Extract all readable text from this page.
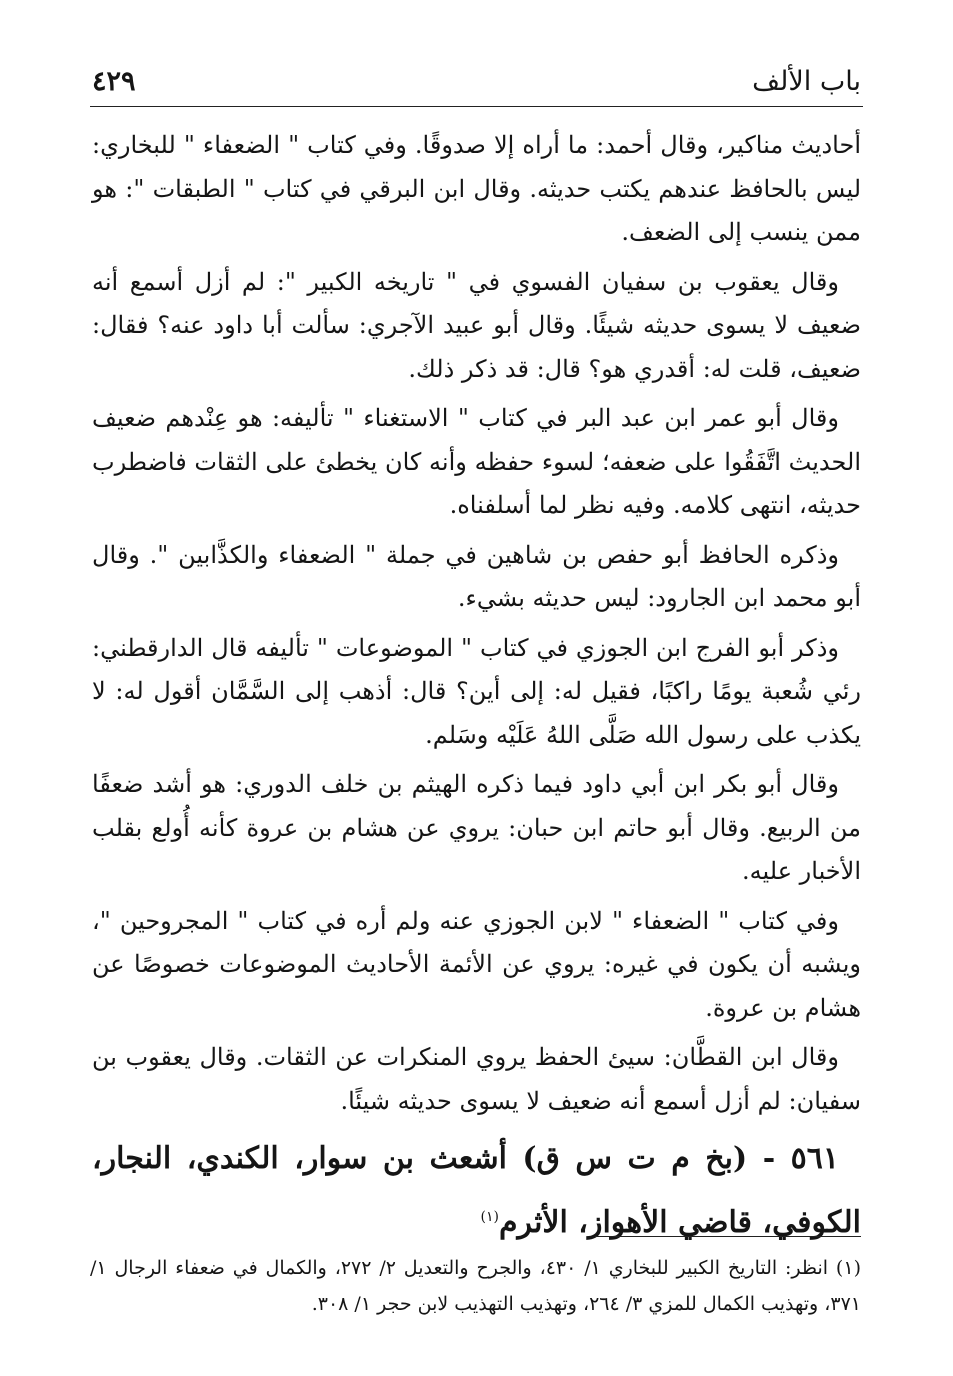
باب الألف
٤٢٩

أحاديث مناكير، وقال أحمد: ما أراه إلا صدوقًا. وفي كتاب " الضعفاء " للبخاري: ليس بالحافظ عندهم يكتب حديثه. وقال ابن البرقي في كتاب " الطبقات ": هو ممن ينسب إلى الضعف.

وقال يعقوب بن سفيان الفسوي في " تاريخه الكبير ": لم أزل أسمع أنه ضعيف لا يسوى حديثه شيئًا. وقال أبو عبيد الآجري: سألت أبا داود عنه؟ فقال: ضعيف، قلت له: أقدري هو؟ قال: قد ذكر ذلك.

وقال أبو عمر ابن عبد البر في كتاب " الاستغناء " تأليفه: هو عِنْدهم ضعيف الحديث اتَّفَقُوا على ضعفه؛ لسوء حفظه وأنه كان يخطئ على الثقات فاضطرب حديثه، انتهى كلامه. وفيه نظر لما أسلفناه.

وذكره الحافظ أبو حفص بن شاهين في جملة " الضعفاء والكذَّابين ". وقال أبو محمد ابن الجارود: ليس حديثه بشيء.

وذكر أبو الفرج ابن الجوزي في كتاب " الموضوعات " تأليفه قال الدارقطني: رئي شُعبة يومًا راكبًا، فقيل له: إلى أين؟ قال: أذهب إلى السَّمَّان أقول له: لا يكذب على رسول الله صَلَّى اللهُ عَلَيْه وسَلم.

وقال أبو بكر ابن أبي داود فيما ذكره الهيثم بن خلف الدوري: هو أشد ضعفًا من الربيع. وقال أبو حاتم ابن حبان: يروي عن هشام بن عروة كأنه أُولع بقلب الأخبار عليه.

وفي كتاب " الضعفاء " لابن الجوزي عنه ولم أره في كتاب " المجروحين "، ويشبه أن يكون في غيره: يروي عن الأئمة الأحاديث الموضوعات خصوصًا عن هشام بن عروة.

وقال ابن القطَّان: سيئ الحفظ يروي المنكرات عن الثقات. وقال يعقوب بن سفيان: لم أزل أسمع أنه ضعيف لا يسوى حديثه شيئًا.

٥٦١ - (بخ م ت س ق) أشعث بن سوار، الكندي، النجار، الكوفي، قاضي الأهواز، الأثرم$^{(١)}$

(١) انظر: التاريخ الكبير للبخاري ١/ ٤٣٠، والجرح والتعديل ٢/ ٢٧٢، والكمال في ضعفاء الرجال ١/ ٣٧١، وتهذيب الكمال للمزي ٣/ ٢٦٤، وتهذيب التهذيب لابن حجر ١/ ٣٠٨.
